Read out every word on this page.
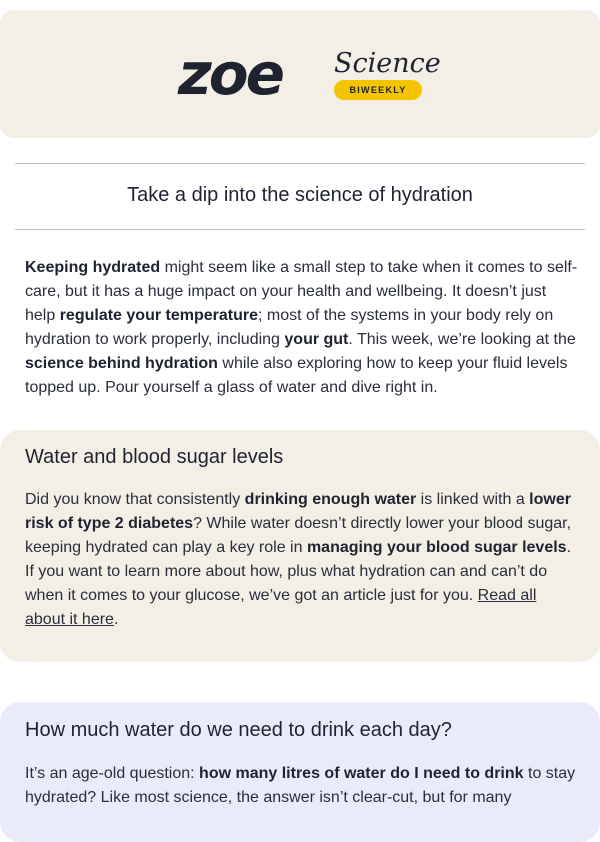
zoe Science
BIWEEKLY
Take a dip into the science of hydration
Keeping hydrated might seem like a small step to take when it comes to self-care, but it has a huge impact on your health and wellbeing. It doesn’t just help regulate your temperature; most of the systems in your body rely on hydration to work properly, including your gut. This week, we’re looking at the science behind hydration while also exploring how to keep your fluid levels topped up. Pour yourself a glass of water and dive right in.
Water and blood sugar levels

Did you know that consistently drinking enough water is linked with a lower risk of type 2 diabetes? While water doesn’t directly lower your blood sugar, keeping hydrated can play a key role in managing your blood sugar levels. If you want to learn more about how, plus what hydration can and can’t do when it comes to your glucose, we’ve got an article just for you. Read all about it here.

How much water do we need to drink each day?

It’s an age-old question: how many litres of water do I need to drink to stay hydrated? Like most science, the answer isn’t clear-cut, but for many
